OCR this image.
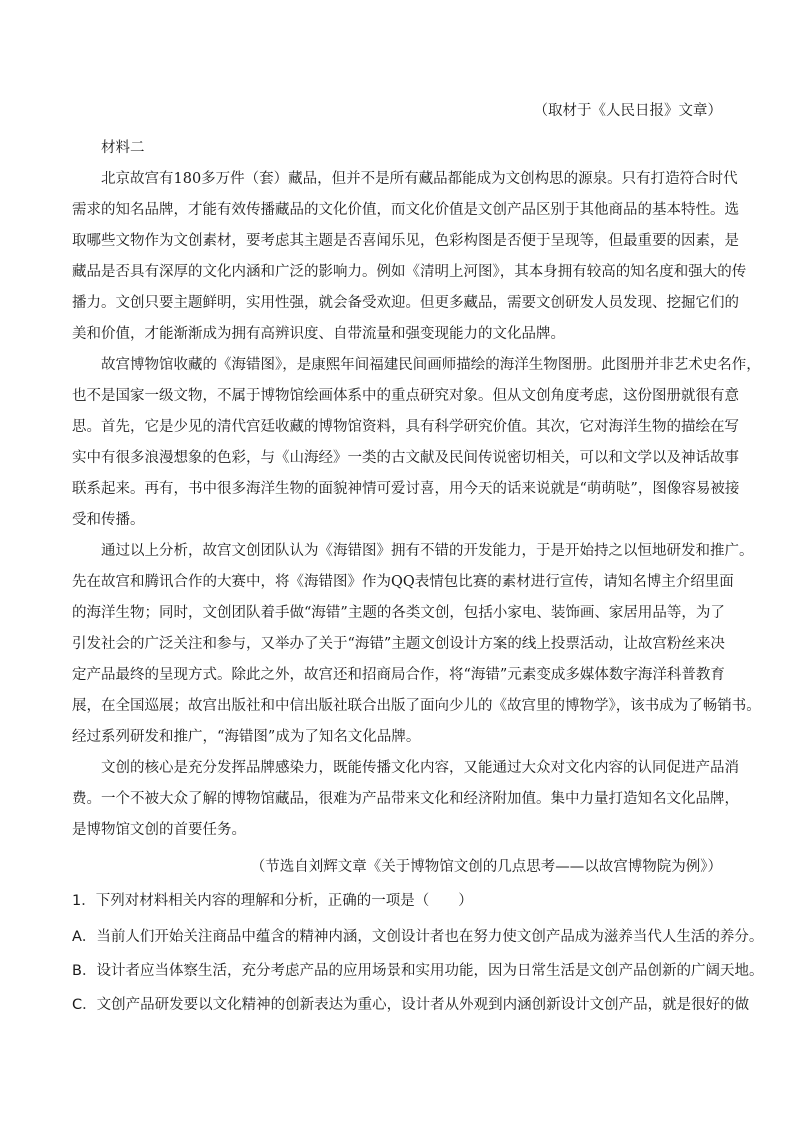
（取材于《人民日报》文章）
材料二
北京故宫有180多万件（套）藏品，但并不是所有藏品都能成为文创构思的源泉。只有打造符合时代
需求的知名品牌，才能有效传播藏品的文化价值，而文化价值是文创产品区别于其他商品的基本特性。选
取哪些文物作为文创素材，要考虑其主题是否喜闻乐见，色彩构图是否便于呈现等，但最重要的因素，是
藏品是否具有深厚的文化内涵和广泛的影响力。例如《清明上河图》，其本身拥有较高的知名度和强大的传
播力。文创只要主题鲜明，实用性强，就会备受欢迎。但更多藏品，需要文创研发人员发现、挖掘它们的
美和价值，才能渐渐成为拥有高辨识度、自带流量和强变现能力的文化品牌。
故宫博物馆收藏的《海错图》，是康熙年间福建民间画师描绘的海洋生物图册。此图册并非艺术史名作，
也不是国家一级文物，不属于博物馆绘画体系中的重点研究对象。但从文创角度考虑，这份图册就很有意
思。首先，它是少见的清代宫廷收藏的博物馆资料，具有科学研究价值。其次，它对海洋生物的描绘在写
实中有很多浪漫想象的色彩，与《山海经》一类的古文献及民间传说密切相关，可以和文学以及神话故事
联系起来。再有，书中很多海洋生物的面貌神情可爱讨喜，用今天的话来说就是“萌萌哒”，图像容易被接
受和传播。
通过以上分析，故宫文创团队认为《海错图》拥有不错的开发能力，于是开始持之以恒地研发和推广。
先在故宫和腾讯合作的大赛中，将《海错图》作为QQ表情包比赛的素材进行宣传，请知名博主介绍里面
的海洋生物；同时，文创团队着手做“海错”主题的各类文创，包括小家电、装饰画、家居用品等，为了
引发社会的广泛关注和参与，又举办了关于“海错”主题文创设计方案的线上投票活动，让故宫粉丝来决
定产品最终的呈现方式。除此之外，故宫还和招商局合作，将“海错”元素变成多媒体数字海洋科普教育
展，在全国巡展；故宫出版社和中信出版社联合出版了面向少儿的《故宫里的博物学》，该书成为了畅销书。
经过系列研发和推广，“海错图”成为了知名文化品牌。
文创的核心是充分发挥品牌感染力，既能传播文化内容，又能通过大众对文化内容的认同促进产品消
费。一个不被大众了解的博物馆藏品，很难为产品带来文化和经济附加值。集中力量打造知名文化品牌，
是博物馆文创的首要任务。
（节选自刘辉文章《关于博物馆文创的几点思考——以故宫博物院为例》）
1．下列对材料相关内容的理解和分析，正确的一项是（　　）
A．当前人们开始关注商品中蕴含的精神内涵，文创设计者也在努力使文创产品成为滋养当代人生活的养分。
B．设计者应当体察生活，充分考虑产品的应用场景和实用功能，因为日常生活是文创产品创新的广阔天地。
C．文创产品研发要以文化精神的创新表达为重心，设计者从外观到内涵创新设计文创产品，就是很好的做
